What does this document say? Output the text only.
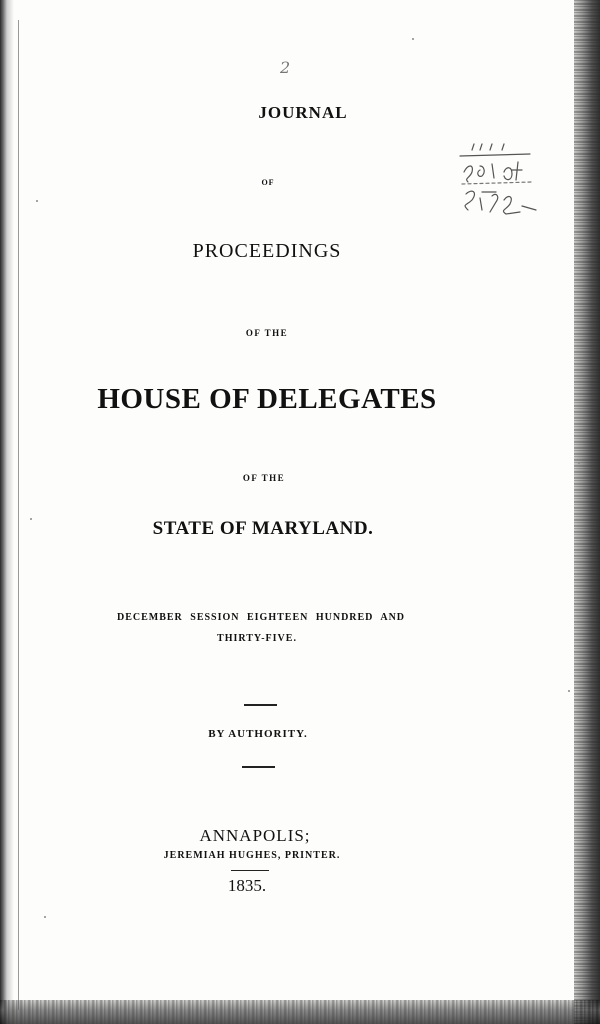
2
JOURNAL
OF
PROCEEDINGS
OF THE
HOUSE OF DELEGATES
OF THE
STATE OF MARYLAND.
DECEMBER SESSION EIGHTEEN HUNDRED AND
THIRTY-FIVE.
BY AUTHORITY.
ANNAPOLIS;
JEREMIAH HUGHES, PRINTER.
1835.
